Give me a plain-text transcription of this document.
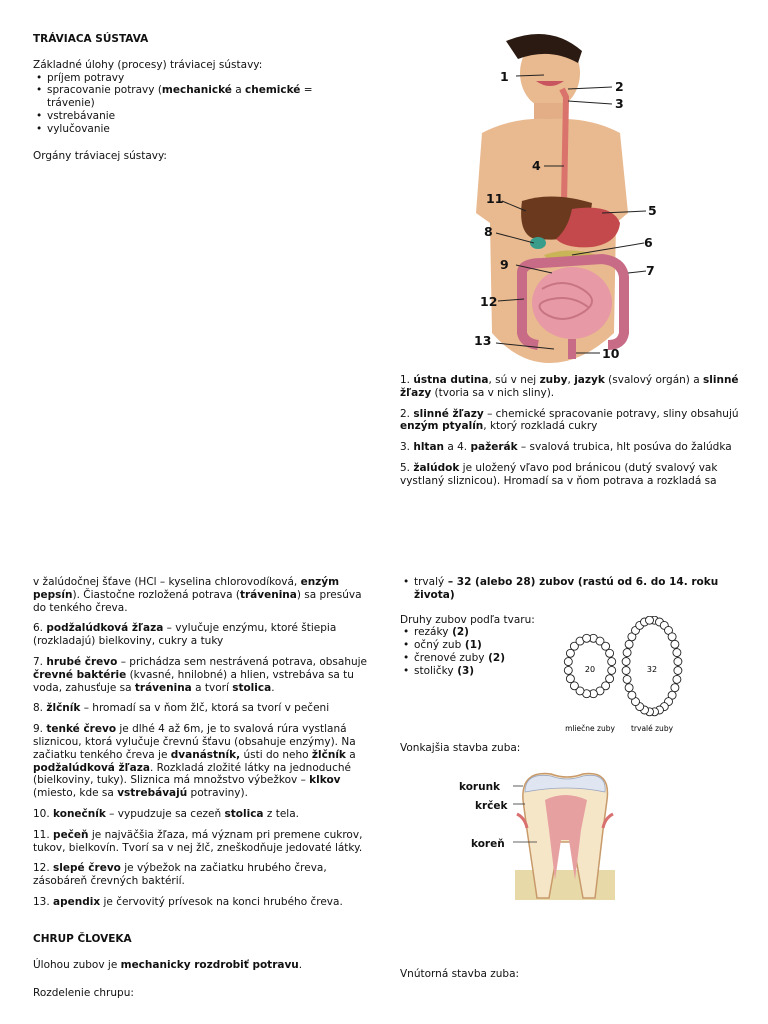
TRÁVIACA SÚSTAVA

Základné úlohy (procesy) tráviacej sústavy:
• príjem potravy
• spracovanie potravy (mechanické a chemické = trávenie)
• vstrebávanie
• vylučovanie
Orgány tráviacej sústavy:
1
2
3
4
5
6
7
8
9
10
11
12
13

1. ústna dutina, sú v nej zuby, jazyk (svalový orgán) a slinné žľazy (tvoria sa v nich sliny).

2. slinné žľazy – chemické spracovanie potravy, sliny obsahujú enzým ptyalín, ktorý rozkladá cukry

3. hltan a 4. pažerák – svalová trubica, hlt posúva do žalúdka

5. žalúdok je uložený vľavo pod bránicou (dutý svalový vak vystlaný sliznicou). Hromadí sa v ňom potrava a rozkladá sa

v žalúdočnej šťave (HCl – kyselina chlorovodíková, enzým pepsín). Čiastočne rozložená potrava (trávenina) sa presúva do tenkého čreva.

6. podžalúdková žľaza – vylučuje enzýmu, ktoré štiepia (rozkladajú) bielkoviny, cukry a tuky

7. hrubé črevo – prichádza sem nestrávená potrava, obsahuje črevné baktérie (kvasné, hnilobné) a hlien, vstrebáva sa tu voda, zahusťuje sa trávenina a tvorí stolica.

8. žlčník – hromadí sa v ňom žlč, ktorá sa tvorí v pečeni

9. tenké črevo je dlhé 4 až 6m, je to svalová rúra vystlaná sliznicou, ktorá vylučuje črevnú šťavu (obsahuje enzýmy). Na začiatku tenkého čreva je dvanástník, ústi do neho žlčník a podžalúdková žľaza. Rozkladá zložité látky na jednoduché (bielkoviny, tuky). Sliznica má množstvo výbežkov – klkov (miesto, kde sa vstrebávajú potraviny).

10. konečník – vypudzuje sa cezeň stolica z tela.

11. pečeň je najväčšia žľaza, má význam pri premene cukrov, tukov, bielkovín. Tvorí sa v nej žlč, zneškodňuje jedovaté látky.

12. slepé črevo je výbežok na začiatku hrubého čreva, zásobáreň črevných baktérií.

13. apendix je červovitý prívesok na konci hrubého čreva.

CHRUP ČLOVEKA

Úlohou zubov je mechanicky rozdrobiť potravu.

Rozdelenie chrupu:
• trvalý – 32 (alebo 28) zubov (rastú od 6. do 14. roku života)
Druhy zubov podľa tvaru:
• rezáky (2)
• očný zub (1)
• črenové zuby (2)
• stoličky (3)	20	32
mliečne zuby trvalé zuby
Vonkajšia stavba zuba:
korunk
krček
koreň
Vnútorná stavba zuba:
